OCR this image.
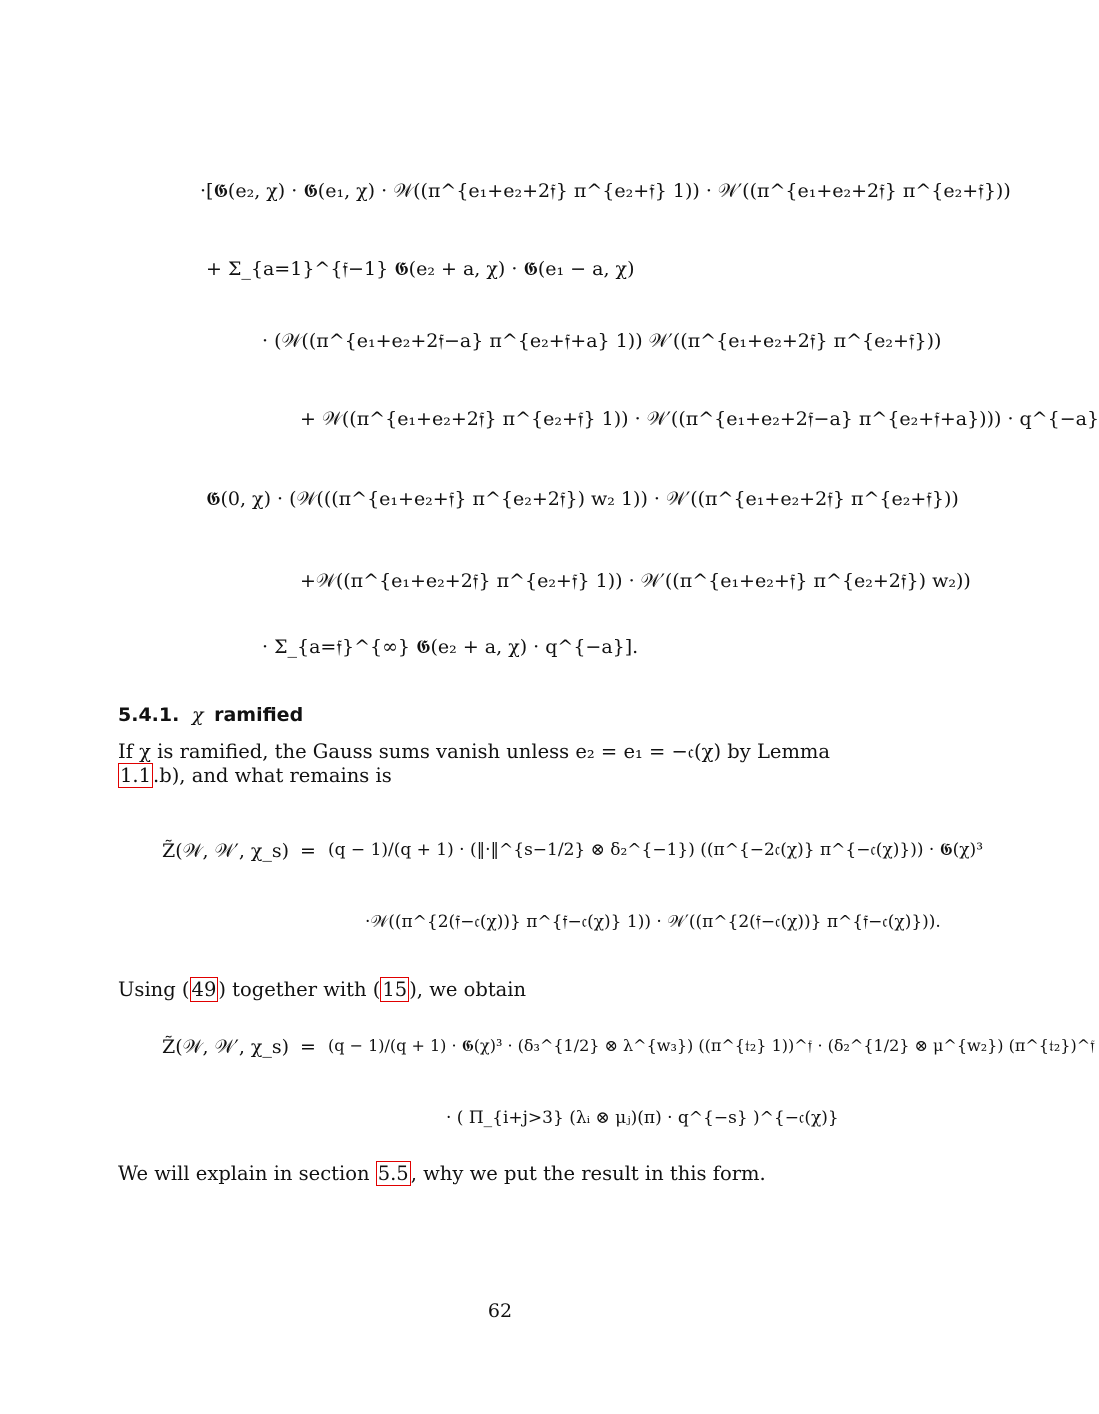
·[𝕲(e₂, χ) · 𝕲(e₁, χ) · 𝒲((π^{e₁+e₂+2𝔣} π^{e₂+𝔣} 1)) · 𝒲′((π^{e₁+e₂+2𝔣} π^{e₂+𝔣}))
+ Σ_{a=1}^{𝔣−1} 𝕲(e₂ + a, χ) · 𝕲(e₁ − a, χ)
· (𝒲((π^{e₁+e₂+2𝔣−a} π^{e₂+𝔣+a} 1)) 𝒲′((π^{e₁+e₂+2𝔣} π^{e₂+𝔣}))
+ 𝒲((π^{e₁+e₂+2𝔣} π^{e₂+𝔣} 1)) · 𝒲′((π^{e₁+e₂+2𝔣−a} π^{e₂+𝔣+a}))) · q^{−a}
𝕲(0, χ) · (𝒲(((π^{e₁+e₂+𝔣} π^{e₂+2𝔣}) w₂ 1)) · 𝒲′((π^{e₁+e₂+2𝔣} π^{e₂+𝔣}))
+𝒲((π^{e₁+e₂+2𝔣} π^{e₂+𝔣} 1)) · 𝒲′((π^{e₁+e₂+𝔣} π^{e₂+2𝔣}) w₂))
· Σ_{a=𝔣}^{∞} 𝕲(e₂ + a, χ) · q^{−a}].
5.4.1. χ ramified
If χ is ramified, the Gauss sums vanish unless e₂ = e₁ = −𝔠(χ) by Lemma 1.1 .b), and what remains is
Z̃(𝒲, 𝒲′, χ_s) = (q − 1)/(q + 1) · (‖·‖^{s−1/2} ⊗ δ₂^{−1}) ((π^{−2𝔠(χ)} π^{−𝔠(χ)})) · 𝕲(χ)³
·𝒲((π^{2(𝔣−𝔠(χ))} π^{𝔣−𝔠(χ)} 1)) · 𝒲′((π^{2(𝔣−𝔠(χ))} π^{𝔣−𝔠(χ)})).
Using ( 49 ) together with ( 15 ), we obtain
Z̃(𝒲, 𝒲′, χ_s) = (q − 1)/(q + 1) · 𝕲(χ)³ · (δ₃^{1/2} ⊗ λ^{w₃}) ((π^{𝔱₂} 1))^𝔣 · (δ₂^{1/2} ⊗ μ^{w₂}) (π^{𝔱₂})^𝔣
· ( Π_{i+j>3} (λᵢ ⊗ μⱼ)(π) · q^{−s} )^{−𝔠(χ)}
We will explain in section 5.5 , why we put the result in this form.
62
